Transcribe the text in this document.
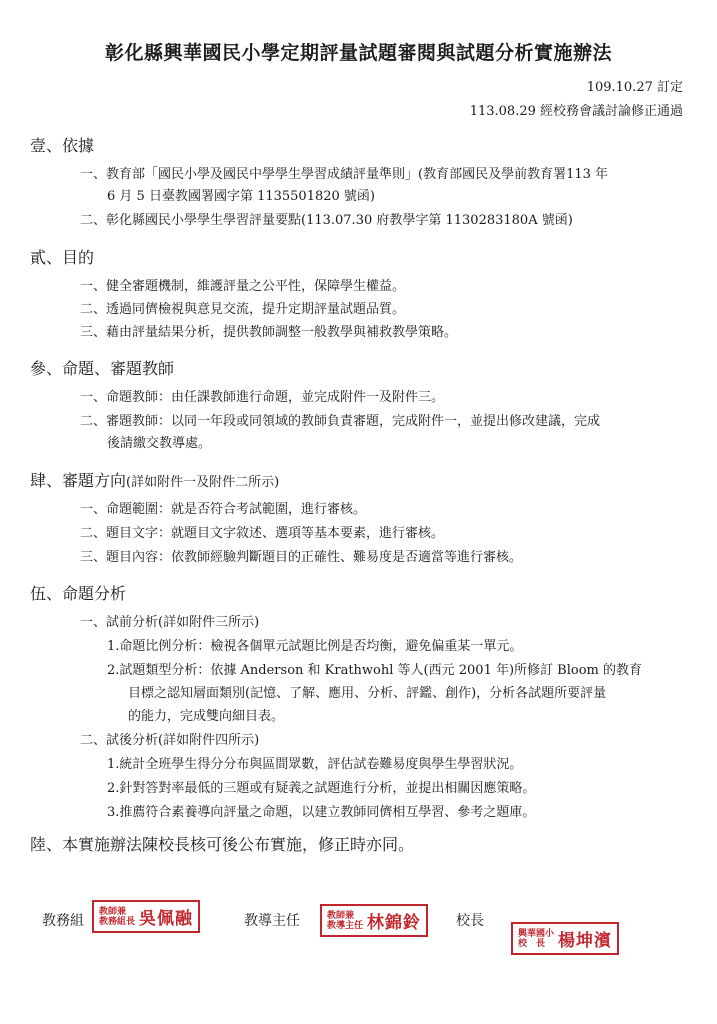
彰化縣興華國民小學定期評量試題審閱與試題分析實施辦法
109.10.27 訂定
113.08.29 經校務會議討論修正通過
壹、依據
一、教育部「國民小學及國民中學學生學習成績評量準則」(教育部國民及學前教育署113 年
6 月 5 日臺教國署國字第 1135501820 號函)
二、彰化縣國民小學學生學習評量要點(113.07.30 府教學字第 1130283180A 號函)
貳、目的
一、健全審題機制，維護評量之公平性，保障學生權益。
二、透過同儕檢視與意見交流，提升定期評量試題品質。
三、藉由評量結果分析，提供教師調整一般教學與補救教學策略。
參、命題、審題教師
一、命題教師：由任課教師進行命題，並完成附件一及附件三。
二、審題教師：以同一年段或同領域的教師負責審題，完成附件一，並提出修改建議，完成
後請繳交教導處。
肆、審題方向(詳如附件一及附件二所示)
一、命題範圍：就是否符合考試範圍，進行審核。
二、題目文字：就題目文字敘述、選項等基本要素，進行審核。
三、題目內容：依教師經驗判斷題目的正確性、難易度是否適當等進行審核。
伍、命題分析
一、試前分析(詳如附件三所示)
1.命題比例分析：檢視各個單元試題比例是否均衡，避免偏重某一單元。
2.試題類型分析：依據 Anderson 和 Krathwohl 等人(西元 2001 年)所修訂 Bloom 的教育
目標之認知層面類別(記憶、了解、應用、分析、評鑑、創作)，分析各試題所要評量
的能力，完成雙向細目表。
二、試後分析(詳如附件四所示)
1.統計全班學生得分分布與區間眾數，評估試卷難易度與學生學習狀況。
2.針對答對率最低的三題或有疑義之試題進行分析，並提出相關因應策略。
3.推薦符合素養導向評量之命題，以建立教師同儕相互學習、參考之題庫。
陸、本實施辦法陳校長核可後公布實施，修正時亦同。
教務組
教師兼
教務組長 吳佩融	教導主任	教師兼
教導主任 林錦鈴 校長
興華國小
校　長 楊坤濱
